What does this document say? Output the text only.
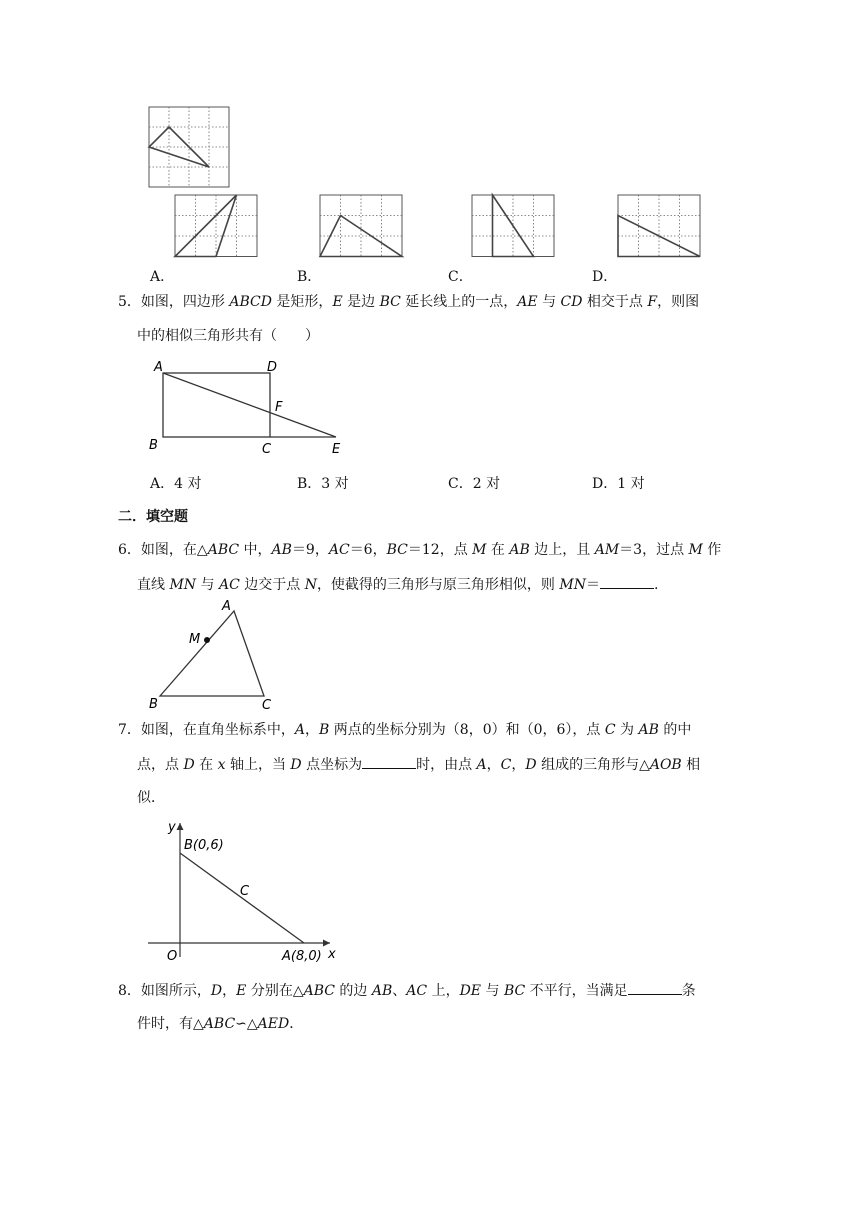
A．	B．	C．	D．
5．如图，四边形 ABCD 是矩形，E 是边 BC 延长线上的一点，AE 与 CD 相交于点 F，则图
中的相似三角形共有（　　）
A	D
F
B	C	E
A．4 对	B．3 对	C．2 对	D．1 对
二．填空题
6．如图，在△ABC 中，AB＝9，AC＝6，BC＝12，点 M 在 AB 边上，且 AM＝3，过点 M 作
直线 MN 与 AC 边交于点 N，使截得的三角形与原三角形相似，则 MN＝	.
A
M
B	C
7．如图，在直角坐标系中，A，B 两点的坐标分别为（8，0）和（0，6），点 C 为 AB 的中
点，点 D 在 x 轴上，当 D 点坐标为	时，由点 A，C，D 组成的三角形与△AOB 相
似．
y
x
O
B(0,6)
A(8,0)
C
8．如图所示，D，E 分别在△ABC 的边 AB、AC 上，DE 与 BC 不平行，当满足	条
件时，有△ABC∽△AED．
